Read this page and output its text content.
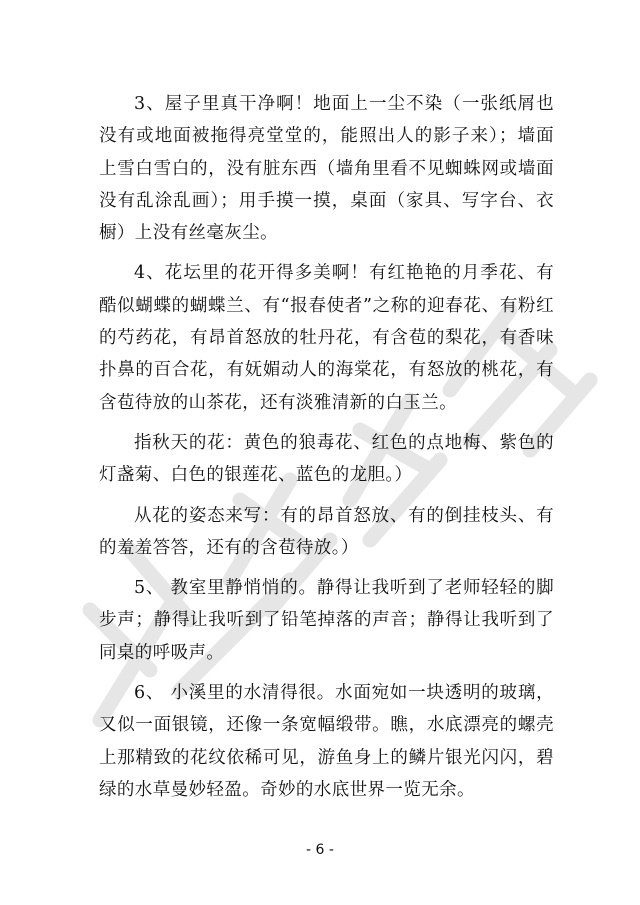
3、屋子里真干净啊！地面上一尘不染（一张纸屑也没有或地面被拖得亮堂堂的，能照出人的影子来）；墙面上雪白雪白的，没有脏东西（墙角里看不见蜘蛛网或墙面没有乱涂乱画）；用手摸一摸，桌面（家具、写字台、衣橱）上没有丝毫灰尘。

4、花坛里的花开得多美啊！有红艳艳的月季花、有酷似蝴蝶的蝴蝶兰、有“报春使者”之称的迎春花、有粉红的芍药花，有昂首怒放的牡丹花，有含苞的梨花，有香味扑鼻的百合花，有妩媚动人的海棠花，有怒放的桃花，有含苞待放的山茶花，还有淡雅清新的白玉兰。

指秋天的花：黄色的狼毒花、红色的点地梅、紫色的灯盏菊、白色的银莲花、蓝色的龙胆。）

从花的姿态来写：有的昂首怒放、有的倒挂枝头、有的羞羞答答，还有的含苞待放。）

5、 教室里静悄悄的。静得让我听到了老师轻轻的脚步声；静得让我听到了铅笔掉落的声音；静得让我听到了同桌的呼吸声。

6、 小溪里的水清得很。水面宛如一块透明的玻璃，又似一面银镜，还像一条宽幅缎带。瞧，水底漂亮的螺壳上那精致的花纹依稀可见，游鱼身上的鳞片银光闪闪，碧绿的水草曼妙轻盈。奇妙的水底世界一览无余。

- 6 -
